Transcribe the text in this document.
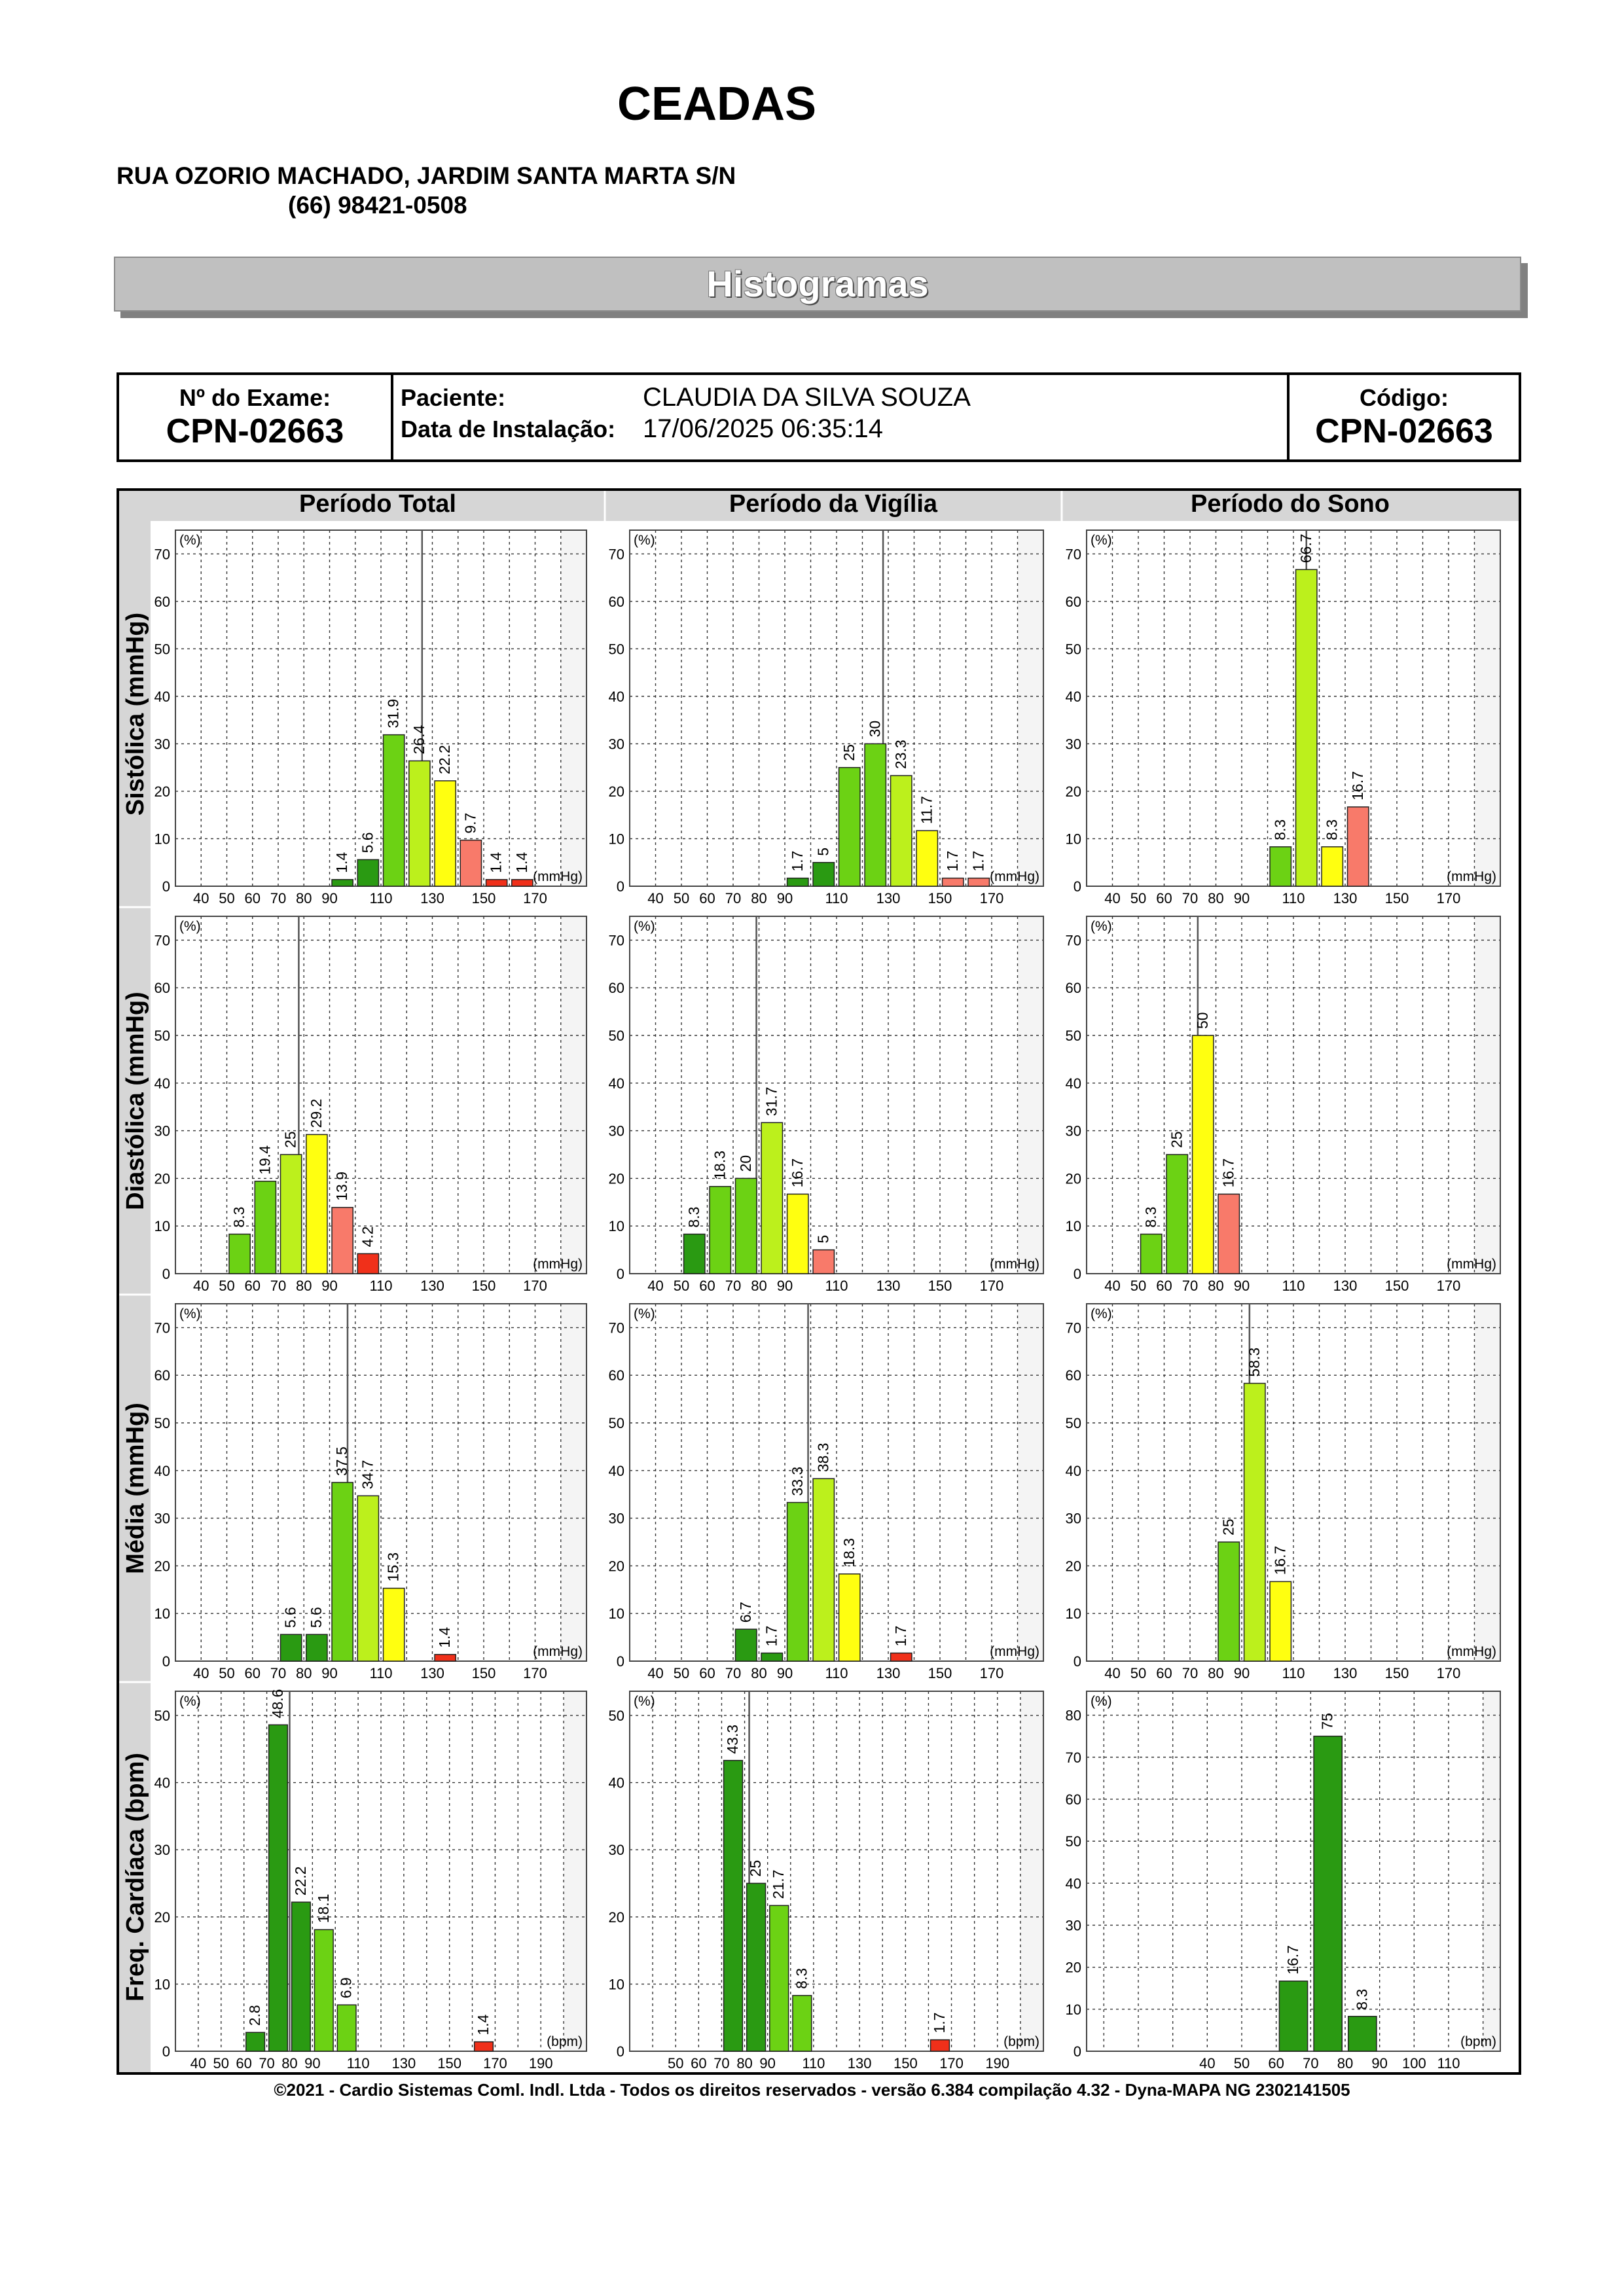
CEADAS
RUA OZORIO MACHADO, JARDIM SANTA MARTA S/N
(66) 98421-0508
Histogramas
Nº do Exame:
CPN-02663
Paciente:	CLAUDIA DA SILVA SOUZA
Data de Instalação: 17/06/2025 06:35:14
Código:
CPN-02663
Período Total	Período da Vigília	Período do Sono
Sistólica (mmHg)
Diastólica (mmHg)
Média (mmHg)
Freq. Cardíaca (bpm)
0
10
20
30
40
50
60
70
40 50 60 70 80 90 110 130 150 170
(%)
(mmHg)
1.4
5.6
31.9
26.4
22.2
9.7
1.4 1.4
0
10
20
30
40
50
60
70
40 50 60 70 80 90 110 130 150 170
(%)
(mmHg)
1.7 5
25
30
23.3
11.7
1.7 1.7
0
10
20
30
40
50
60
70
40 50 60 70 80 90 110 130 150 170
(%)
(mmHg)
8.3
66.7
8.3
16.7
0
10
20
30
40
50
60
70
40 50 60 70 80 90 110 130 150 170
(%)
(mmHg)
8.3
19.4
25
29.2
13.9
4.2
0
10
20
30
40
50
60
70
40 50 60 70 80 90 110 130 150 170
(%)
(mmHg)
8.3
18.3 20
31.7
16.7
5
0
10
20
30
40
50
60
70
40 50 60 70 80 90 110 130 150 170
(%)
(mmHg)
8.3
25
50
16.7
0
10
20
30
40
50
60
70
40 50 60 70 80 90 110 130 150 170
(%)
(mmHg)
5.6 5.6
37.5 34.7
15.3
1.4
0
10
20
30
40
50
60
70
40 50 60 70 80 90 110 130 150 170
(%)
(mmHg)
6.7
1.7
33.3
38.3
18.3
1.7
0
10
20
30
40
50
60
70
40 50 60 70 80 90 110 130 150 170
(%)
(mmHg)
25
58.3
16.7
0
10
20
30
40
50
40 50 60 70 80 90 110 130 150 170 190
(%)
(bpm)
2.8
48.6
22.2
18.1
6.9
1.4
0
10
20
30
40
50
50 60 70 80 90 110 130 150 170 190
(%)
(bpm)
43.3
25
21.7
8.3
1.7
0
10
20
30
40
50
60
70
80
40 50 60 70 80 90 100 110
(%)
(bpm)
16.7
75
8.3
©2021 - Cardio Sistemas Coml. Indl. Ltda - Todos os direitos reservados - versão 6.384 compilação 4.32 - Dyna-MAPA NG 2302141505
